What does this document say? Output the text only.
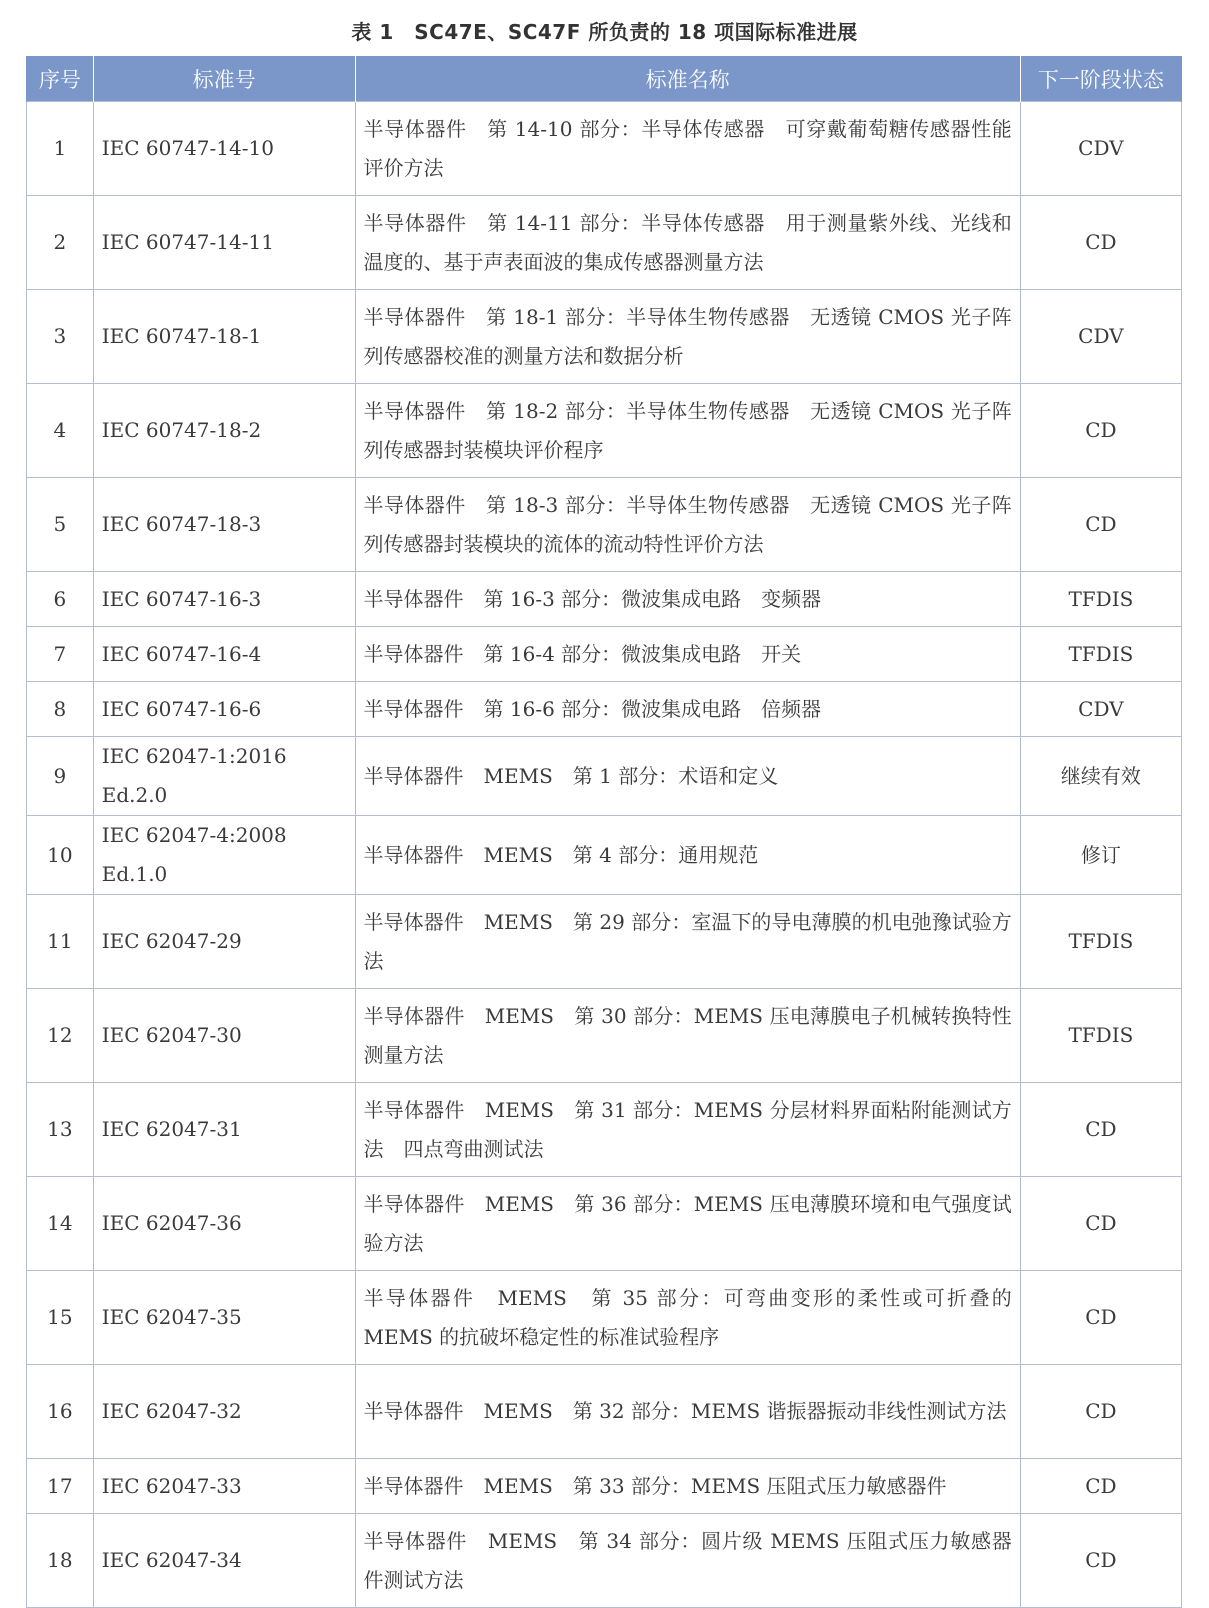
表 1　SC47E、SC47F 所负责的 18 项国际标准进展
序号	标准号	标准名称	下一阶段状态
1	IEC 60747-14-10	半导体器件　第 14-10 部分：半导体传感器　可穿戴葡萄糖传感器性能评价方法	CDV
2	IEC 60747-14-11	半导体器件　第 14-11 部分：半导体传感器　用于测量紫外线、光线和温度的、基于声表面波的集成传感器测量方法	CD
3	IEC 60747-18-1	半导体器件　第 18-1 部分：半导体生物传感器　无透镜 CMOS 光子阵列传感器校准的测量方法和数据分析	CDV
4	IEC 60747-18-2	半导体器件　第 18-2 部分：半导体生物传感器　无透镜 CMOS 光子阵列传感器封装模块评价程序	CD
5	IEC 60747-18-3	半导体器件　第 18-3 部分：半导体生物传感器　无透镜 CMOS 光子阵列传感器封装模块的流体的流动特性评价方法	CD
6	IEC 60747-16-3	半导体器件　第 16-3 部分：微波集成电路　变频器	TFDIS
7	IEC 60747-16-4	半导体器件　第 16-4 部分：微波集成电路　开关	TFDIS
8	IEC 60747-16-6	半导体器件　第 16-6 部分：微波集成电路　倍频器	CDV
9	IEC 62047-1:2016 Ed.2.0	半导体器件　MEMS　第 1 部分：术语和定义	继续有效
10	IEC 62047-4:2008 Ed.1.0	半导体器件　MEMS　第 4 部分：通用规范	修订
11	IEC 62047-29	半导体器件　MEMS　第 29 部分：室温下的导电薄膜的机电弛豫试验方法	TFDIS
12	IEC 62047-30	半导体器件　MEMS　第 30 部分：MEMS 压电薄膜电子机械转换特性测量方法	TFDIS
13	IEC 62047-31	半导体器件　MEMS　第 31 部分：MEMS 分层材料界面粘附能测试方法　四点弯曲测试法	CD
14	IEC 62047-36	半导体器件　MEMS　第 36 部分：MEMS 压电薄膜环境和电气强度试验方法	CD
15	IEC 62047-35	半导体器件　MEMS　第 35 部分：可弯曲变形的柔性或可折叠的 MEMS 的抗破坏稳定性的标准试验程序	CD
16	IEC 62047-32	半导体器件　MEMS　第 32 部分：MEMS 谐振器振动非线性测试方法	CD
17	IEC 62047-33	半导体器件　MEMS　第 33 部分：MEMS 压阻式压力敏感器件	CD
18	IEC 62047-34	半导体器件　MEMS　第 34 部分：圆片级 MEMS 压阻式压力敏感器件测试方法	CD
